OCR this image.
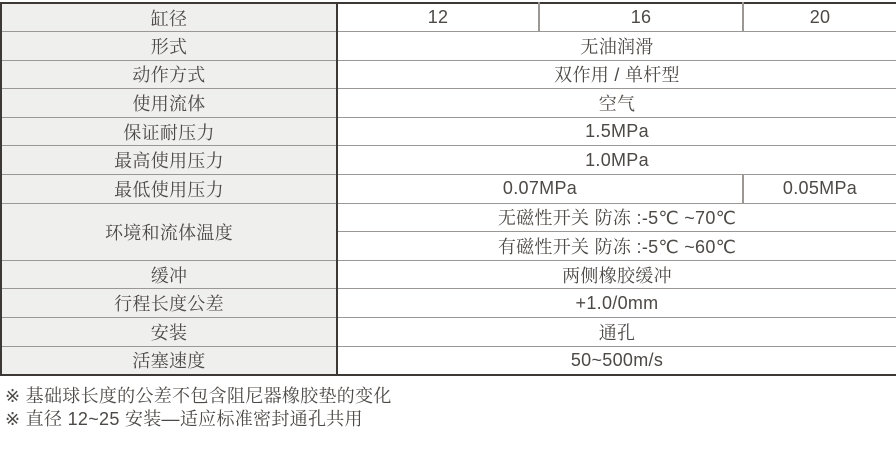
缸径	12	16	20
形式	无油润滑		
动作方式	双作用 / 单杆型		
使用流体	空气		
保证耐压力	1.5MPa		
最高使用压力	1.0MPa		
最低使用压力	0.07MPa		0.05MPa
环境和流体温度	无磁性开关 防冻 :-5℃ ~70℃		
	有磁性开关 防冻 :-5℃ ~60℃		
缓冲	两侧橡胶缓冲		
行程长度公差	+1.0/0mm		
安装	通孔		
活塞速度	50~500m/s		
※ 基础球长度的公差不包含阻尼器橡胶垫的变化
※ 直径 12~25 安装—适应标准密封通孔共用
